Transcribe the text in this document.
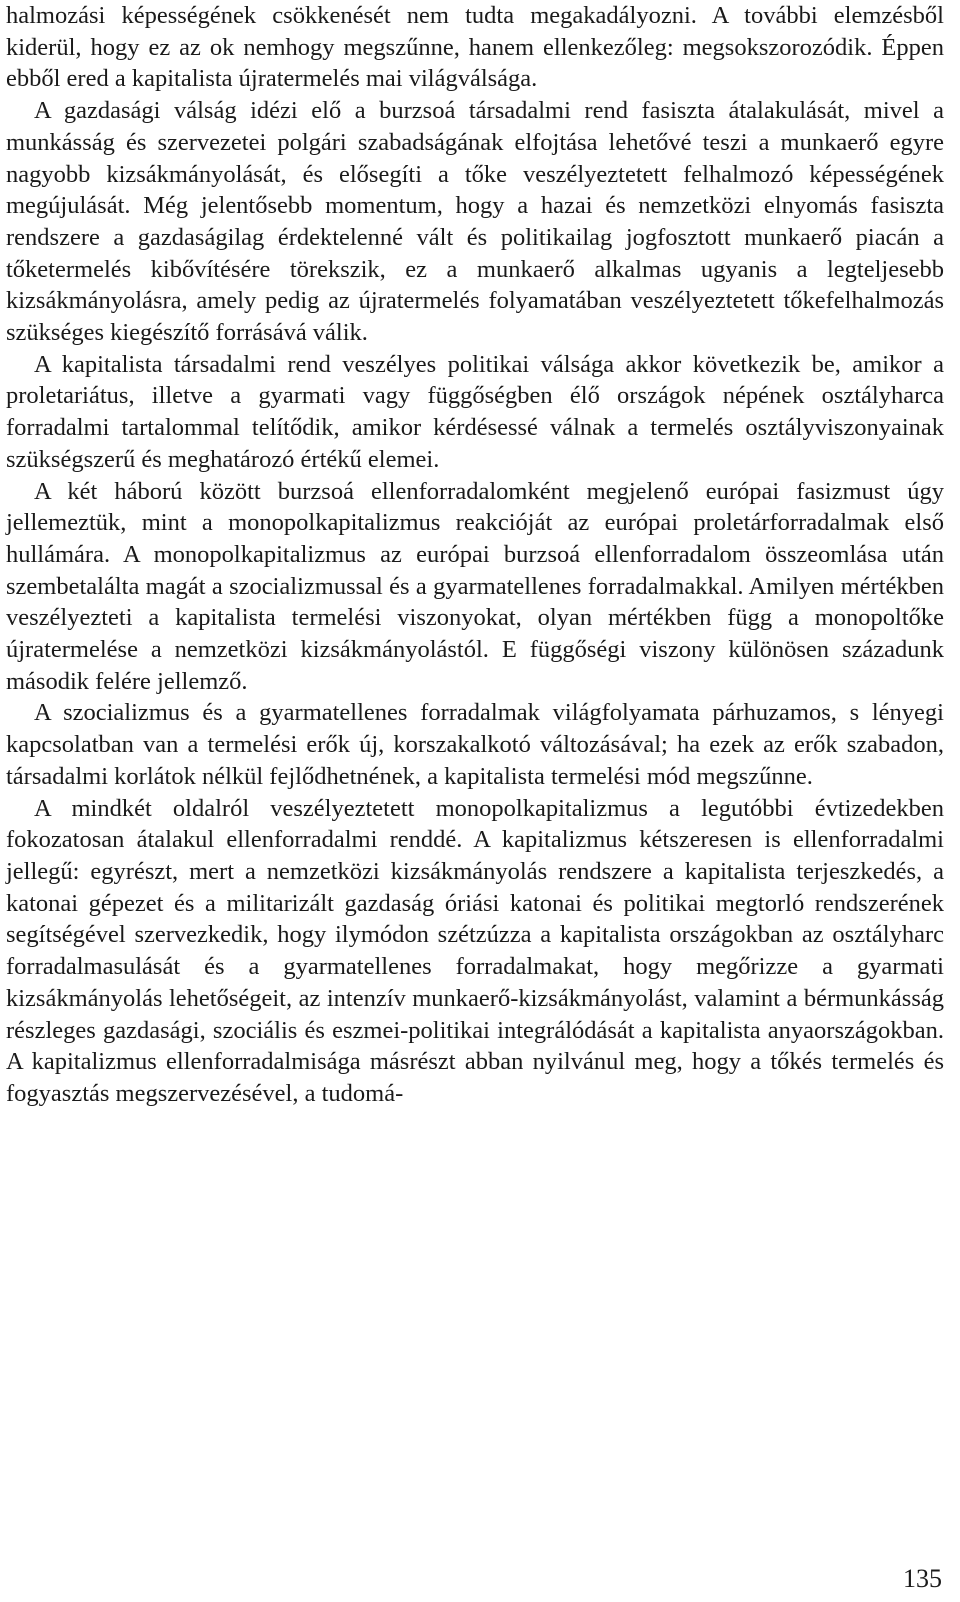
halmozási képességének csökkenését nem tudta megakadályozni. A további elemzésből kiderül, hogy ez az ok nemhogy megszűnne, hanem ellenkezőleg: megsokszorozódik. Éppen ebből ered a kapitalista újratermelés mai világválsága.

A gazdasági válság idézi elő a burzsoá társadalmi rend fasiszta átalakulását, mivel a munkásság és szervezetei polgári szabadságának elfojtása lehetővé teszi a munkaerő egyre nagyobb kizsákmányolását, és elősegíti a tőke veszélyeztetett felhalmozó képességének megújulását. Még jelentősebb momentum, hogy a hazai és nemzetközi elnyomás fasiszta rendszere a gazdaságilag érdektelenné vált és politikailag jogfosztott munkaerő piacán a tőketermelés kibővítésére törekszik, ez a munkaerő alkalmas ugyanis a legteljesebb kizsákmányolásra, amely pedig az újratermelés folyamatában veszélyeztetett tőkefelhalmozás szükséges kiegészítő forrásává válik.

A kapitalista társadalmi rend veszélyes politikai válsága akkor következik be, amikor a proletariátus, illetve a gyarmati vagy függőségben élő országok népének osztályharca forradalmi tartalommal telítődik, amikor kérdésessé válnak a termelés osztályviszonyainak szükségszerű és meghatározó értékű elemei.

A két háború között burzsoá ellenforradalomként megjelenő európai fasizmust úgy jellemeztük, mint a monopolkapitalizmus reakcióját az európai proletárforradalmak első hullámára. A monopolkapitalizmus az európai burzsoá ellenforradalom összeomlása után szembetalálta magát a szocializmussal és a gyarmatellenes forradalmakkal. Amilyen mértékben veszélyezteti a kapitalista termelési viszonyokat, olyan mértékben függ a monopoltőke újratermelése a nemzetközi kizsákmányolástól. E függőségi viszony különösen századunk második felére jellemző.

A szocializmus és a gyarmatellenes forradalmak világfolyamata párhuzamos, s lényegi kapcsolatban van a termelési erők új, korszakalkotó változásával; ha ezek az erők szabadon, társadalmi korlátok nélkül fejlődhetnének, a kapitalista termelési mód megszűnne.

A mindkét oldalról veszélyeztetett monopolkapitalizmus a legutóbbi évtizedekben fokozatosan átalakul ellenforradalmi renddé. A kapitalizmus kétszeresen is ellenforradalmi jellegű: egyrészt, mert a nemzetközi kizsákmányolás rendszere a kapitalista terjeszkedés, a katonai gépezet és a militarizált gazdaság óriási katonai és politikai megtorló rendszerének segítségével szervezkedik, hogy ilymódon szétzúzza a kapitalista országokban az osztályharc forradalmasulását és a gyarmatellenes forradalmakat, hogy megőrizze a gyarmati kizsákmányolás lehetőségeit, az intenzív munkaerő-kizsákmányolást, valamint a bérmunkásság részleges gazdasági, szociális és eszmei-politikai integrálódását a kapitalista anyaországokban. A kapitalizmus ellenforradalmisága másrészt abban nyilvánul meg, hogy a tőkés termelés és fogyasztás megszervezésével, a tudomá-

135
